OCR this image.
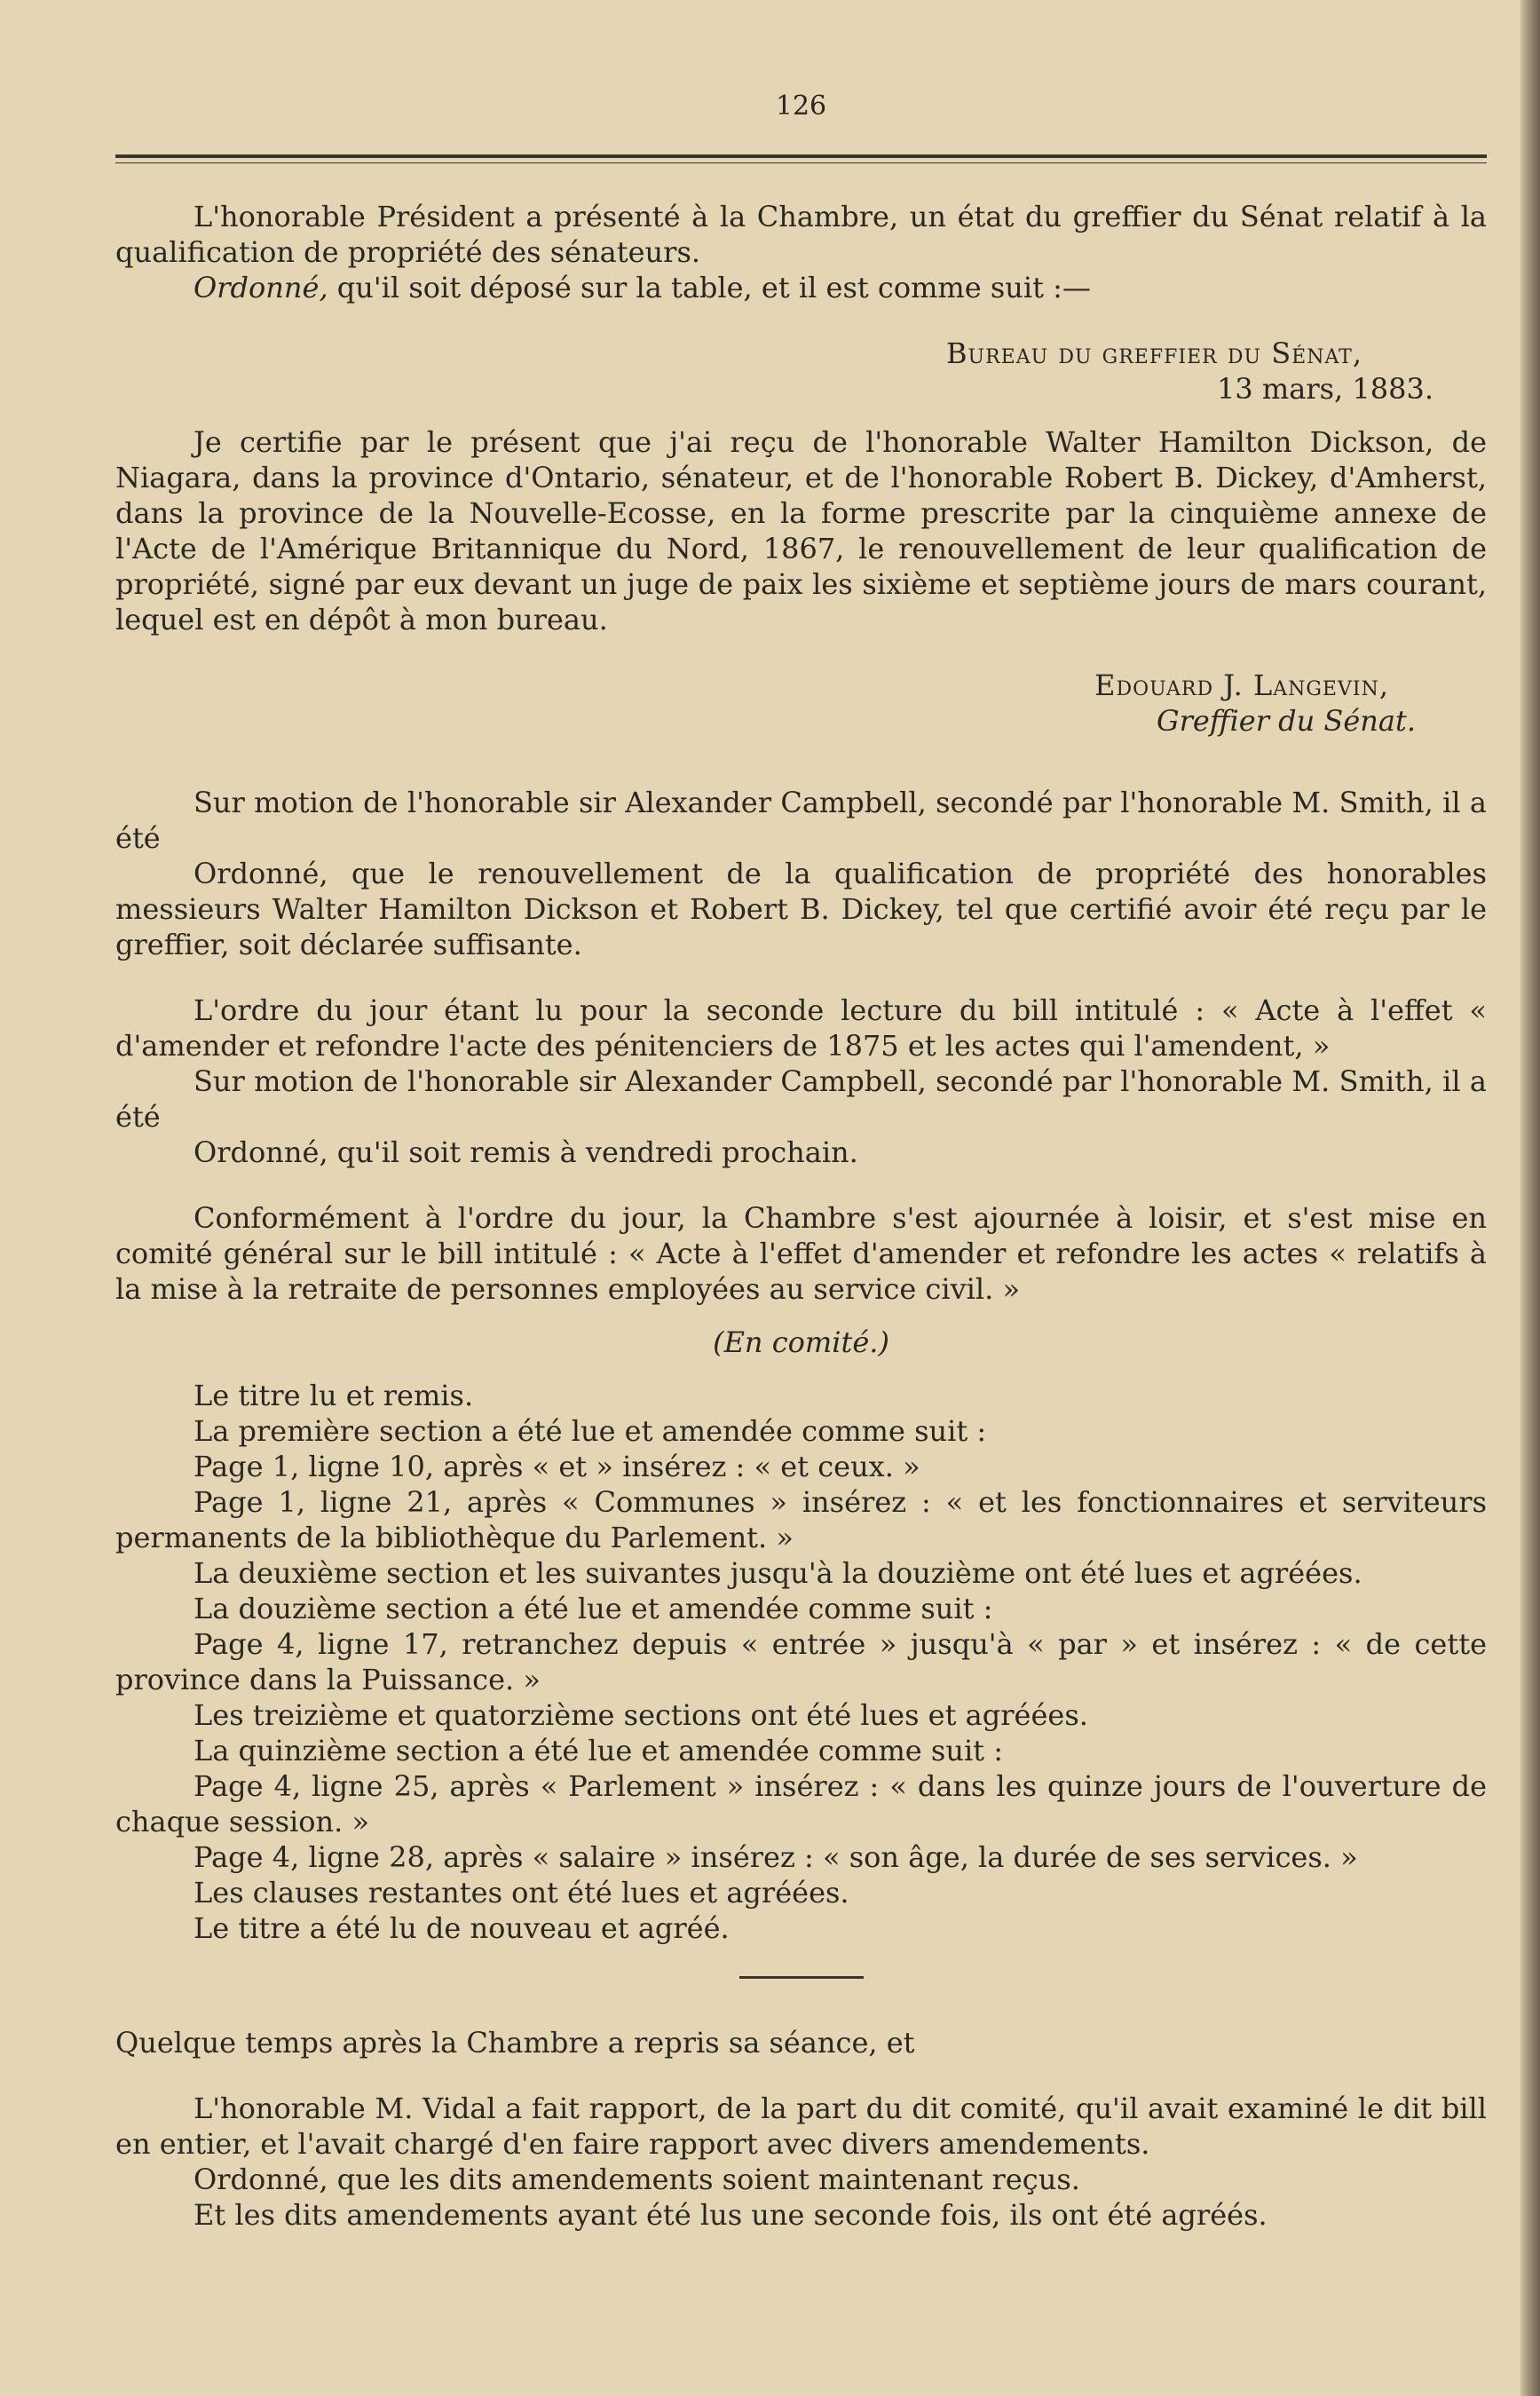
126

L'honorable Président a présenté à la Chambre, un état du greffier du Sénat relatif à la qualification de propriété des sénateurs.

Ordonné, qu'il soit déposé sur la table, et il est comme suit :—

Bureau du greffier du Sénat,

13 mars, 1883.

Je certifie par le présent que j'ai reçu de l'honorable Walter Hamilton Dickson, de Niagara, dans la province d'Ontario, sénateur, et de l'honorable Robert B. Dickey, d'Amherst, dans la province de la Nouvelle-Ecosse, en la forme prescrite par la cinquième annexe de l'Acte de l'Amérique Britannique du Nord, 1867, le renouvellement de leur qualification de propriété, signé par eux devant un juge de paix les sixième et septième jours de mars courant, lequel est en dépôt à mon bureau.

Edouard J. Langevin,

Greffier du Sénat.

Sur motion de l'honorable sir Alexander Campbell, secondé par l'honorable M. Smith, il a été

Ordonné, que le renouvellement de la qualification de propriété des honorables messieurs Walter Hamilton Dickson et Robert B. Dickey, tel que certifié avoir été reçu par le greffier, soit déclarée suffisante.

L'ordre du jour étant lu pour la seconde lecture du bill intitulé : « Acte à l'effet « d'amender et refondre l'acte des pénitenciers de 1875 et les actes qui l'amendent, »

Sur motion de l'honorable sir Alexander Campbell, secondé par l'honorable M. Smith, il a été

Ordonné, qu'il soit remis à vendredi prochain.

Conformément à l'ordre du jour, la Chambre s'est ajournée à loisir, et s'est mise en comité général sur le bill intitulé : « Acte à l'effet d'amender et refondre les actes « relatifs à la mise à la retraite de personnes employées au service civil. »

(En comité.)

Le titre lu et remis.

La première section a été lue et amendée comme suit :

Page 1, ligne 10, après « et » insérez : « et ceux. »

Page 1, ligne 21, après « Communes » insérez : « et les fonctionnaires et serviteurs permanents de la bibliothèque du Parlement. »

La deuxième section et les suivantes jusqu'à la douzième ont été lues et agréées.

La douzième section a été lue et amendée comme suit :

Page 4, ligne 17, retranchez depuis « entrée » jusqu'à « par » et insérez : « de cette province dans la Puissance. »

Les treizième et quatorzième sections ont été lues et agréées.

La quinzième section a été lue et amendée comme suit :

Page 4, ligne 25, après « Parlement » insérez : « dans les quinze jours de l'ouverture de chaque session. »

Page 4, ligne 28, après « salaire » insérez : « son âge, la durée de ses services. »

Les clauses restantes ont été lues et agréées.

Le titre a été lu de nouveau et agréé.

Quelque temps après la Chambre a repris sa séance, et

L'honorable M. Vidal a fait rapport, de la part du dit comité, qu'il avait examiné le dit bill en entier, et l'avait chargé d'en faire rapport avec divers amendements.

Ordonné, que les dits amendements soient maintenant reçus.

Et les dits amendements ayant été lus une seconde fois, ils ont été agréés.
